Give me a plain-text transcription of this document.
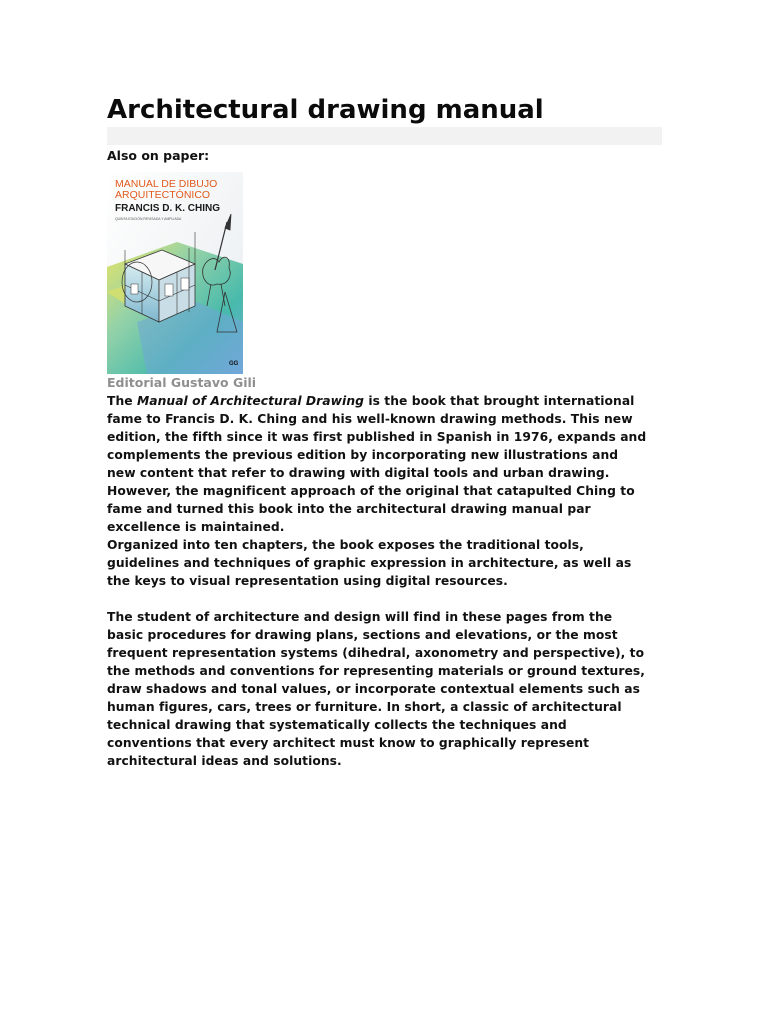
Architectural drawing manual
Also on paper:
MANUAL DE DIBUJO
ARQUITECTÓNICO
FRANCIS D. K. CHING
QUINTA EDICIÓN REVISADA Y AMPLIADA
GG
Editorial Gustavo Gili

The Manual of Architectural Drawing is the book that brought international
fame to Francis D. K. Ching and his well-known drawing methods. This new
edition, the fifth since it was first published in Spanish in 1976, expands and
complements the previous edition by incorporating new illustrations and
new content that refer to drawing with digital tools and urban drawing.
However, the magnificent approach of the original that catapulted Ching to
fame and turned this book into the architectural drawing manual par
excellence is maintained.

Organized into ten chapters, the book exposes the traditional tools,
guidelines and techniques of graphic expression in architecture, as well as
the keys to visual representation using digital resources.

The student of architecture and design will find in these pages from the
basic procedures for drawing plans, sections and elevations, or the most
frequent representation systems (dihedral, axonometry and perspective), to
the methods and conventions for representing materials or ground textures,
draw shadows and tonal values, or incorporate contextual elements such as
human figures, cars, trees or furniture. In short, a classic of architectural
technical drawing that systematically collects the techniques and
conventions that every architect must know to graphically represent
architectural ideas and solutions.
